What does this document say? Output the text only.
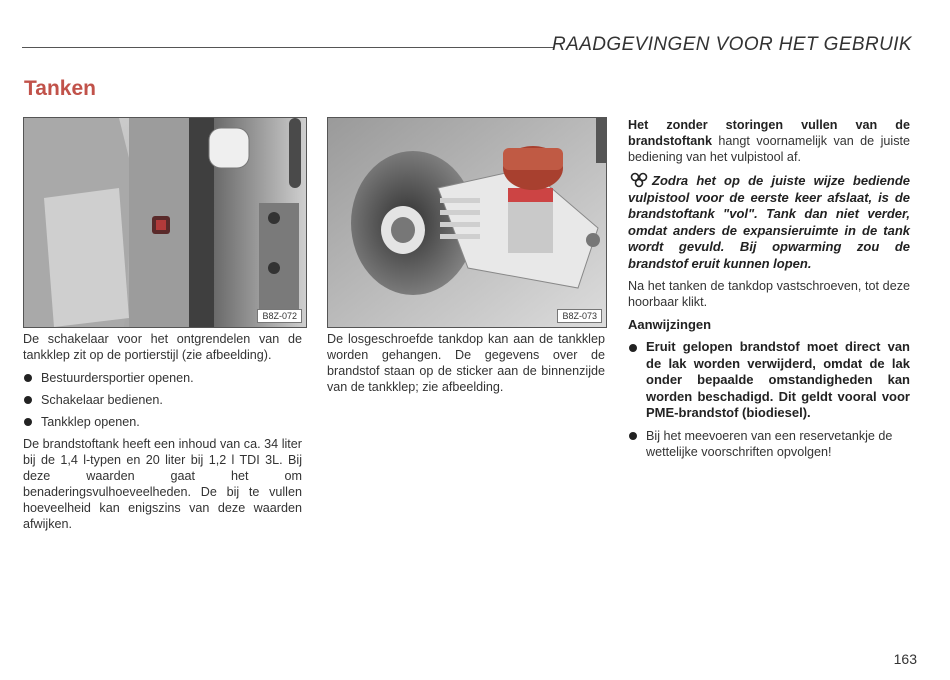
RAADGEVINGEN VOOR HET GEBRUIK
Tanken
B8Z-072	B8Z-073

De schakelaar voor het ontgrendelen van de tankklep zit op de portierstijl (zie afbeelding).

Bestuurdersportier openen.
Schakelaar bedienen.
Tankklep openen.

De brandstoftank heeft een inhoud van ca. 34 liter bij de 1,4 l-typen en 20 liter bij 1,2 l TDI 3L. Bij deze waarden gaat het om benaderingsvulhoeveelheden. De bij te vullen hoeveelheid kan enigszins van deze waarden afwijken.

De losgeschroefde tankdop kan aan de tankklep worden gehangen. De gegevens over de brandstof staan op de sticker aan de binnenzijde van de tankklep; zie afbeelding.

Het zonder storingen vullen van de brandstoftank hangt voornamelijk van de juiste bediening van het vulpistool af.

Zodra het op de juiste wijze bediende vulpistool voor de eerste keer afslaat, is de brandstoftank "vol". Tank dan niet verder, omdat anders de expansieruimte in de tank wordt gevuld. Bij opwarming zou de brandstof eruit kunnen lopen.

Na het tanken de tankdop vastschroeven, tot deze hoorbaar klikt.

Aanwijzingen
Eruit gelopen brandstof moet direct van de lak worden verwijderd, omdat de lak onder bepaalde omstandigheden kan worden beschadigd. Dit geldt vooral voor PME-brandstof (biodiesel).
Bij het meevoeren van een reservetankje de wettelijke voorschriften opvolgen!
163
